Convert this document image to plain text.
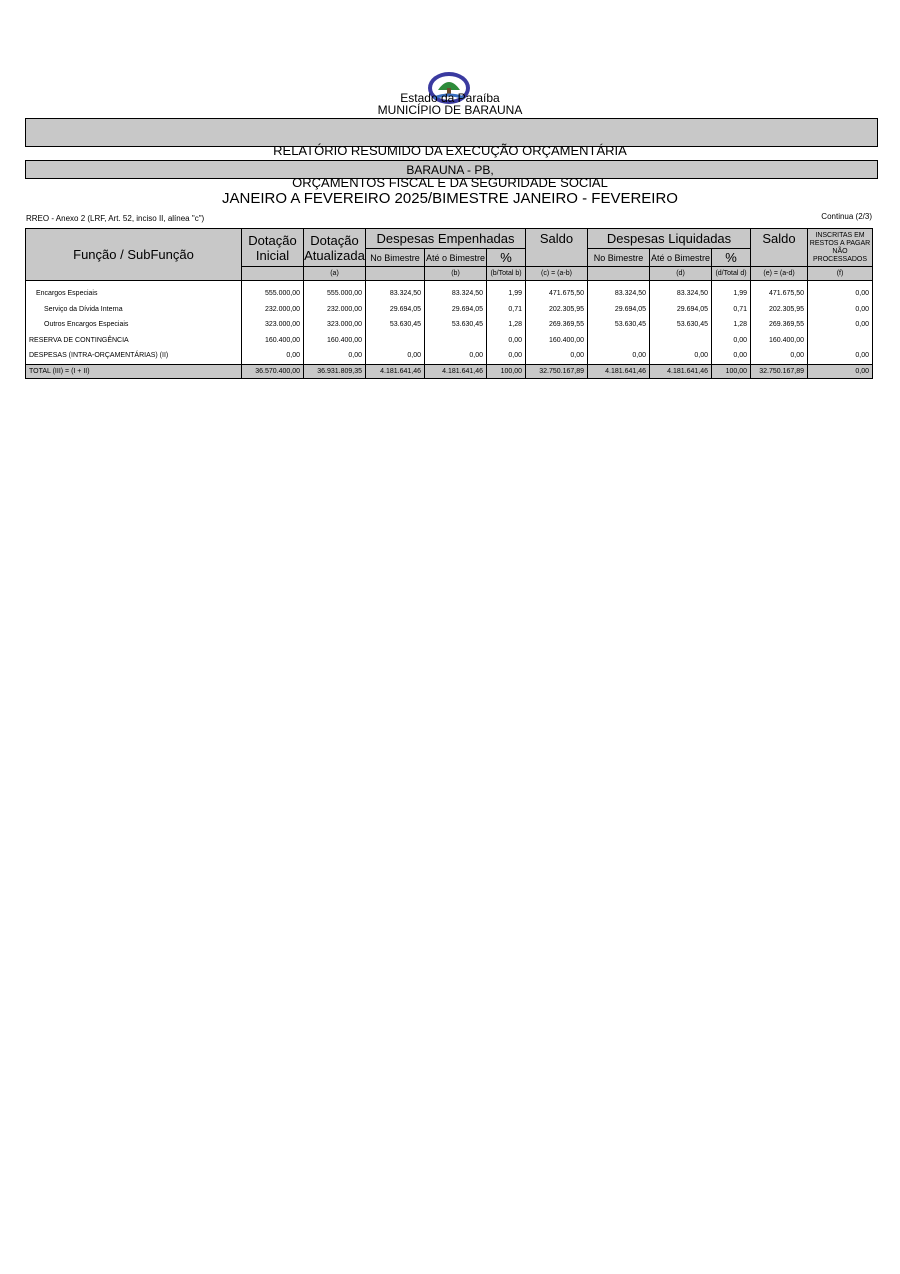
Estado da Paraíba
MUNICÍPIO DE BARAUNA
RELATÓRIO RESUMIDO DA EXECUÇÃO ORÇAMENTÁRIA
BARAUNA - PB,
ORÇAMENTOS FISCAL E DA SEGURIDADE SOCIAL
JANEIRO A FEVEREIRO 2025/BIMESTRE JANEIRO - FEVEREIRO
RREO - Anexo 2 (LRF, Art. 52, inciso II, alínea "c")	Continua (2/3)
Função / SubFunção	Dotação Inicial	Dotação Atualizada	Despesas Empenhadas			Saldo	Despesas Liquidadas			Saldo	INSCRITAS EM RESTOS A PAGAR NÃO PROCESSADOS
			No Bimestre	Até o Bimestre	%		No Bimestre	Até o Bimestre	%		
		(a)		(b)	(b/Total b)	(c) = (a-b)		(d)	(d/Total d)	(e) = (a-d)	(f)

Encargos Especiais	555.000,00	555.000,00	83.324,50	83.324,50	1,99	471.675,50	83.324,50	83.324,50	1,99	471.675,50	0,00
Serviço da Dívida Interna	232.000,00	232.000,00	29.694,05	29.694,05	0,71	202.305,95	29.694,05	29.694,05	0,71	202.305,95	0,00
Outros Encargos Especiais	323.000,00	323.000,00	53.630,45	53.630,45	1,28	269.369,55	53.630,45	53.630,45	1,28	269.369,55	0,00
RESERVA DE CONTINGÊNCIA	160.400,00	160.400,00			0,00	160.400,00			0,00	160.400,00	
DESPESAS (INTRA-ORÇAMENTÁRIAS) (II)	0,00	0,00	0,00	0,00	0,00	0,00	0,00	0,00	0,00	0,00	0,00
TOTAL (III) = (I + II)	36.570.400,00	36.931.809,35	4.181.641,46	4.181.641,46	100,00	32.750.167,89	4.181.641,46	4.181.641,46	100,00	32.750.167,89	0,00
